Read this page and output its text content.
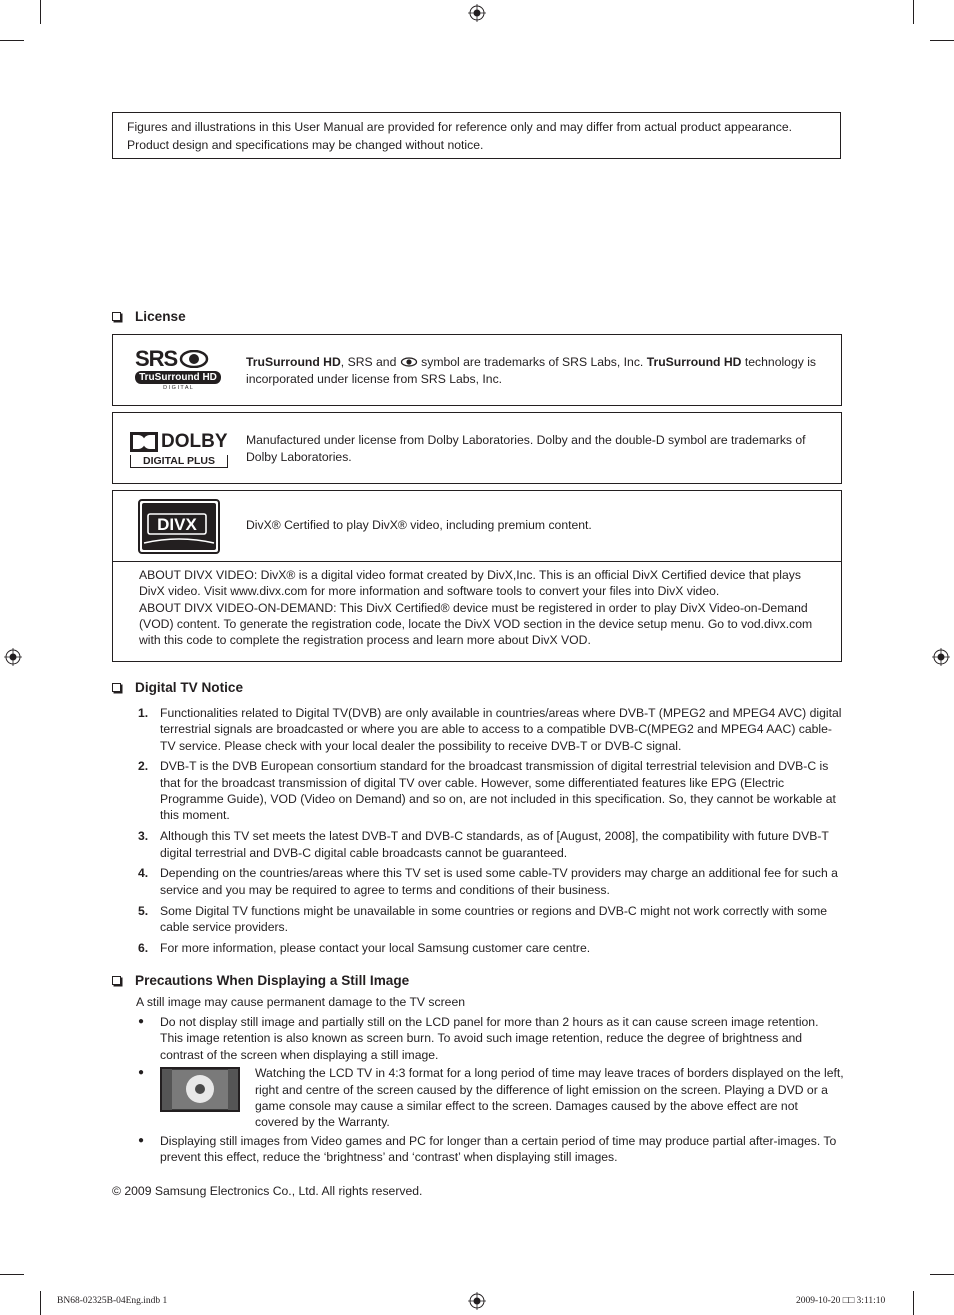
Figures and illustrations in this User Manual are provided for reference only and may differ from actual product appearance.
Product design and specifications may be changed without notice.
License
SRS
TruSurround HD
D I G I T A L
TruSurround HD, SRS and  symbol are trademarks of SRS Labs, Inc. TruSurround HD technology is incorporated under license from SRS Labs, Inc.
DOLBY
DIGITAL PLUS
Manufactured under license from Dolby Laboratories. Dolby and the double-D symbol are trademarks of Dolby Laboratories.
DIVX	DivX® Certified to play DivX® video, including premium content.
ABOUT DIVX VIDEO: DivX® is a digital video format created by DivX,Inc. This is an official DivX Certified device that plays DivX video. Visit www.divx.com for more information and software tools to convert your files into DivX video.
ABOUT DIVX VIDEO-ON-DEMAND: This DivX Certified® device must be registered in order to play DivX Video-on-Demand (VOD) content. To generate the registration code, locate the DivX VOD section in the device setup menu. Go to vod.divx.com with this code to complete the registration process and learn more about DivX VOD.
Digital TV Notice
1. Functionalities related to Digital TV(DVB) are only available in countries/areas where DVB-T (MPEG2 and MPEG4 AVC) digital terrestrial signals are broadcasted or where you are able to access to a compatible DVB-C(MPEG2 and MPEG4 AAC) cable-TV service. Please check with your local dealer the possibility to receive DVB-T or DVB-C signal.
2. DVB-T is the DVB European consortium standard for the broadcast transmission of digital terrestrial television and DVB-C is that for the broadcast transmission of digital TV over cable. However, some differentiated features like EPG (Electric Programme Guide), VOD (Video on Demand) and so on, are not included in this specification. So, they cannot be workable at this moment.
3. Although this TV set meets the latest DVB-T and DVB-C standards, as of [August, 2008], the compatibility with future DVB-T digital terrestrial and DVB-C digital cable broadcasts cannot be guaranteed.
4. Depending on the countries/areas where this TV set is used some cable-TV providers may charge an additional fee for such a service and you may be required to agree to terms and conditions of their business.
5. Some Digital TV functions might be unavailable in some countries or regions and DVB-C might not work correctly with some cable service providers.
6. For more information, please contact your local Samsung customer care centre.
Precautions When Displaying a Still Image
A still image may cause permanent damage to the TV screen
●	Do not display still image and partially still on the LCD panel for more than 2 hours as it can cause screen image retention. This image retention is also known as screen burn. To avoid such image retention, reduce the degree of brightness and contrast of the screen when displaying a still image.
●	Watching the LCD TV in 4:3 format for a long period of time may leave traces of borders displayed on the left, right and centre of the screen caused by the difference of light emission on the screen. Playing a DVD or a game console may cause a similar effect to the screen. Damages caused by the above effect are not covered by the Warranty.
●	Displaying still images from Video games and PC for longer than a certain period of time may produce partial after-images. To prevent this effect, reduce the ‘brightness’ and ‘contrast’ when displaying still images.
© 2009 Samsung Electronics Co., Ltd. All rights reserved.
BN68-02325B-04Eng.indb 1	2009-10-20 □□ 3:11:10
